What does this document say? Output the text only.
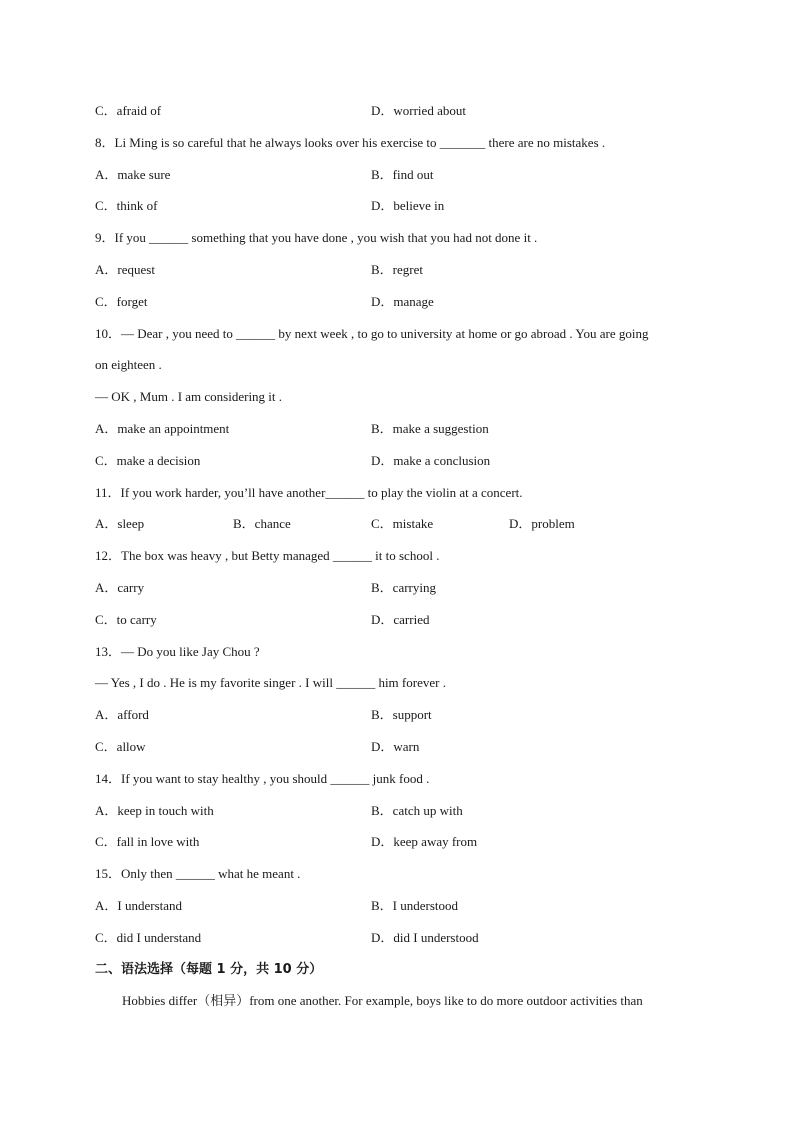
C．afraid of	D．worried about
8．Li Ming is so careful that he always looks over his exercise to _______ there are no mistakes .
A．make sure	B．find out
C．think of	D．believe in
9．If you ______ something that you have done , you wish that you had not done it .
A．request	B．regret
C．forget	D．manage
10．— Dear , you need to ______ by next week , to go to university at home or go abroad . You are going
on eighteen .
— OK , Mum . I am considering it .
A．make an appointment	B．make a suggestion
C．make a decision	D．make a conclusion
11．If you work harder, you’ll have another______ to play the violin at a concert.
A．sleep	B．chance	C．mistake	D．problem
12．The box was heavy , but Betty managed ______ it to school .
A．carry	B．carrying
C．to carry	D．carried
13．— Do you like Jay Chou ?
— Yes , I do . He is my favorite singer . I will ______ him forever .
A．afford	B．support
C．allow	D．warn
14．If you want to stay healthy , you should ______ junk food .
A．keep in touch with	B．catch up with
C．fall in love with	D．keep away from
15．Only then ______ what he meant .
A．I understand	B．I understood
C．did I understand	D．did I understood
二、语法选择（每题 1 分，共 10 分）
Hobbies differ（相异）from one another. For example, boys like to do more outdoor activities than
